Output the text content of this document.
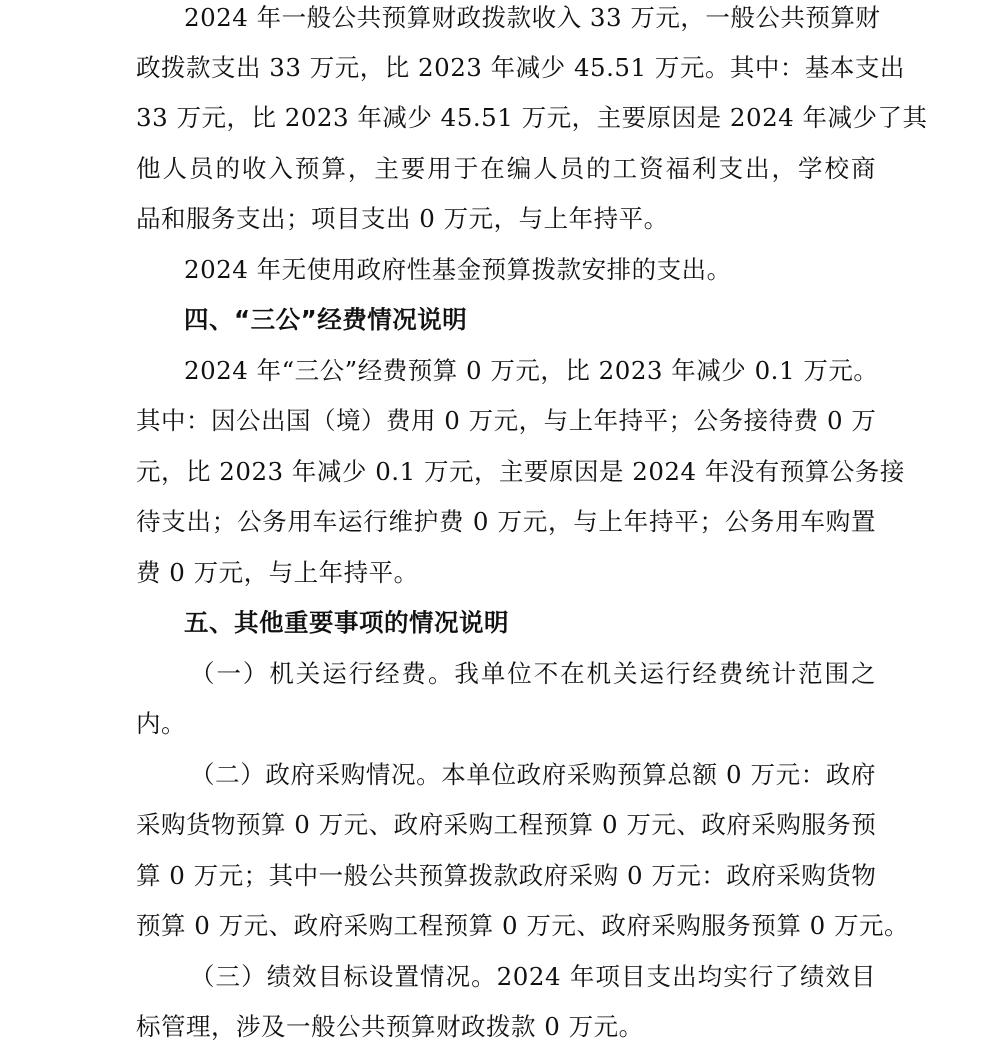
2024 年一般公共预算财政拨款收入 33 万元，一般公共预算财
政拨款支出 33 万元，比 2023 年减少 45.51 万元。其中：基本支出
33 万元，比 2023 年减少 45.51 万元，主要原因是 2024 年减少了其
他人员的收入预算，主要用于在编人员的工资福利支出，学校商
品和服务支出；项目支出 0 万元，与上年持平。
2024 年无使用政府性基金预算拨款安排的支出。
四、“三公”经费情况说明
2024 年“三公”经费预算 0 万元，比 2023 年减少 0.1 万元。
其中：因公出国（境）费用 0 万元，与上年持平；公务接待费 0 万
元，比 2023 年减少 0.1 万元，主要原因是 2024 年没有预算公务接
待支出；公务用车运行维护费 0 万元，与上年持平；公务用车购置
费 0 万元，与上年持平。
五、其他重要事项的情况说明
（一）机关运行经费。我单位不在机关运行经费统计范围之
内。
（二）政府采购情况。本单位政府采购预算总额 0 万元：政府
采购货物预算 0 万元、政府采购工程预算 0 万元、政府采购服务预
算 0 万元；其中一般公共预算拨款政府采购 0 万元：政府采购货物
预算 0 万元、政府采购工程预算 0 万元、政府采购服务预算 0 万元。
（三）绩效目标设置情况。2024 年项目支出均实行了绩效目
标管理，涉及一般公共预算财政拨款 0 万元。
